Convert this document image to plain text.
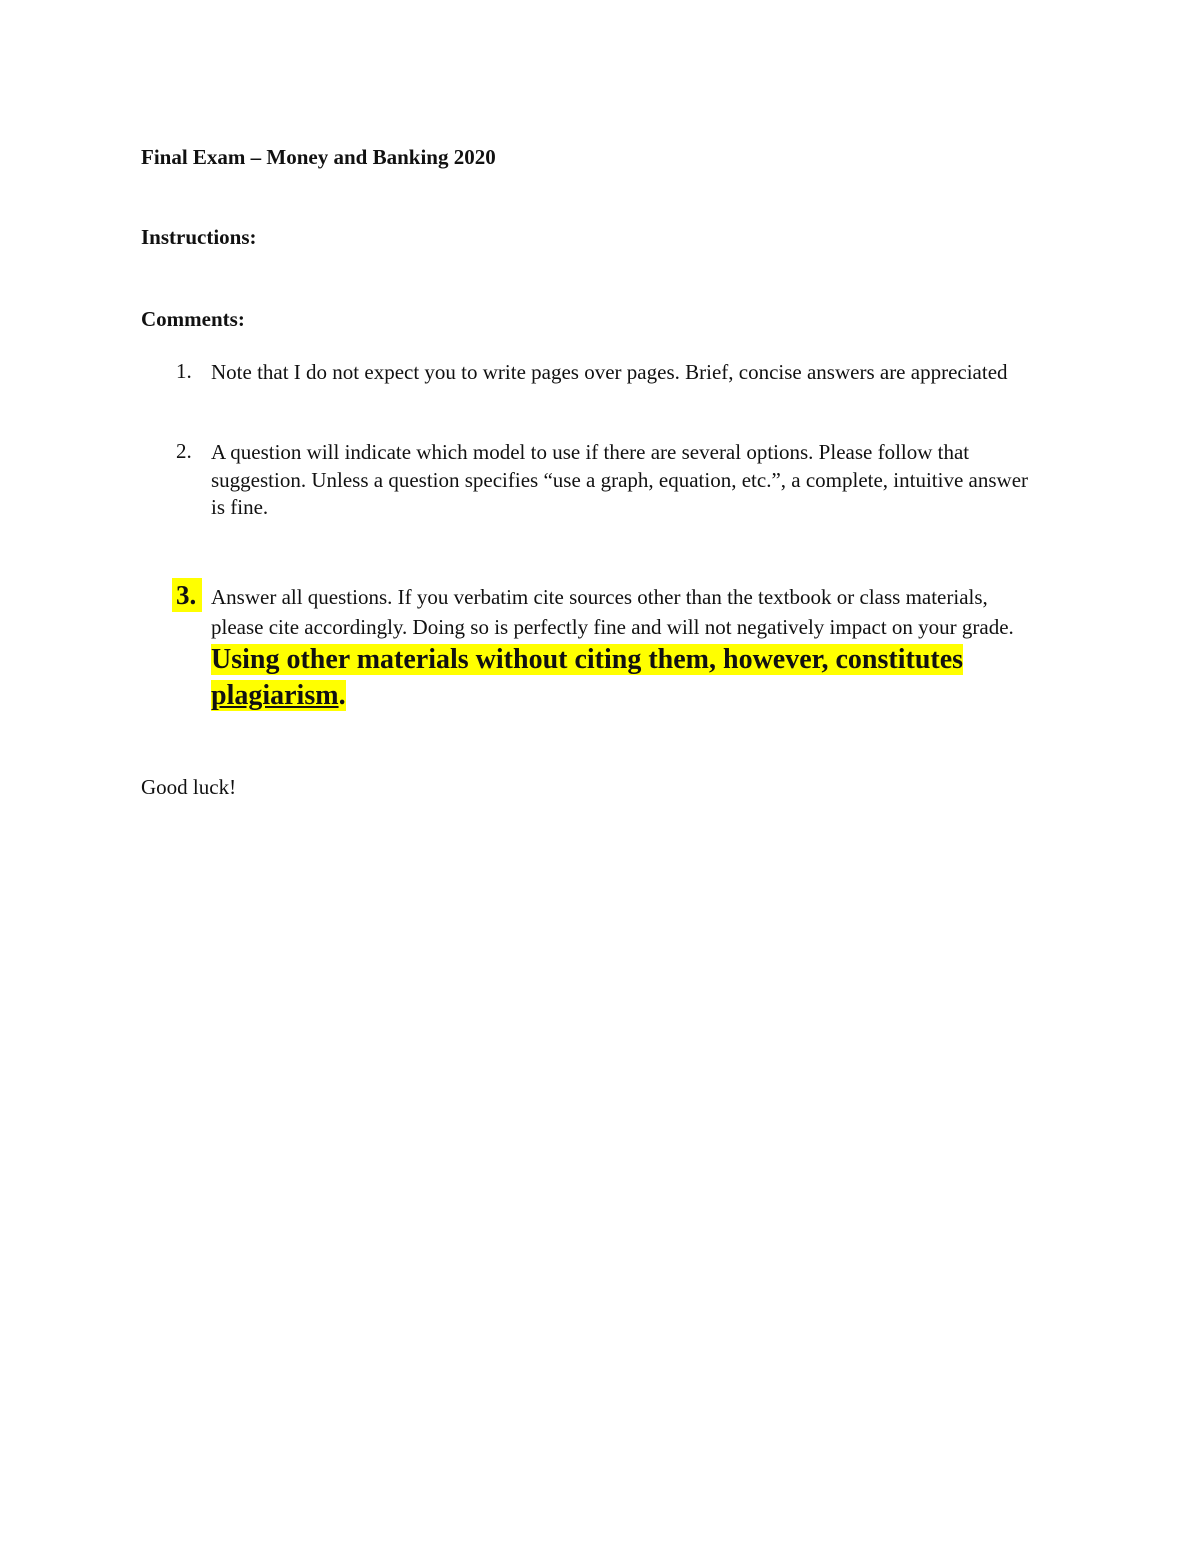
Final Exam – Money and Banking 2020

Instructions:

Comments:

1. Note that I do not expect you to write pages over pages. Brief, concise answers are appreciated
2. A question will indicate which model to use if there are several options. Please follow that suggestion. Unless a question specifies “use a graph, equation, etc.”, a complete, intuitive answer is fine.
3. Answer all questions. If you verbatim cite sources other than the textbook or class materials, please cite accordingly. Doing so is perfectly fine and will not negatively impact on your grade. Using other materials without citing them, however, constitutes plagiarism.

Good luck!
